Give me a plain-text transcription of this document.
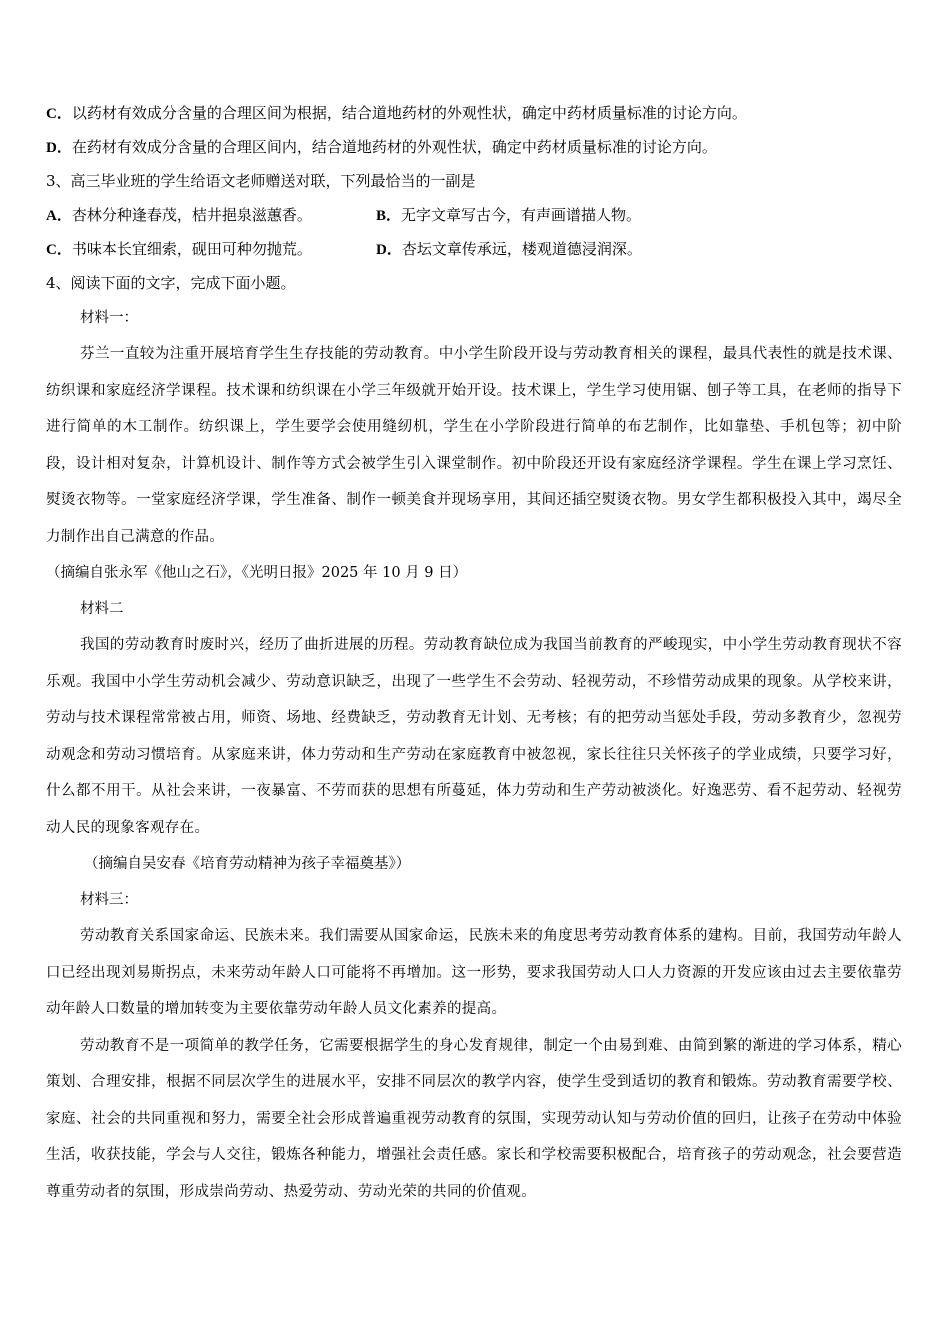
C．以药材有效成分含量的合理区间为根据，结合道地药材的外观性状，确定中药材质量标准的讨论方向。
D．在药材有效成分含量的合理区间内，结合道地药材的外观性状，确定中药材质量标准的讨论方向。
3、高三毕业班的学生给语文老师赠送对联，下列最恰当的一副是
A．杏林分种逢春茂，桔井挹泉滋蕙香。	B．无字文章写古今，有声画谱描人物。
C．书味本长宜细索，砚田可种勿抛荒。	D．杏坛文章传承远，楼观道德浸润深。
4、阅读下面的文字，完成下面小题。
材料一：

芬兰一直较为注重开展培育学生生存技能的劳动教育。中小学生阶段开设与劳动教育相关的课程，最具代表性的就是技术课、纺织课和家庭经济学课程。技术课和纺织课在小学三年级就开始开设。技术课上，学生学习使用锯、刨子等工具，在老师的指导下进行简单的木工制作。纺织课上，学生要学会使用缝纫机，学生在小学阶段进行简单的布艺制作，比如靠垫、手机包等；初中阶段，设计相对复杂，计算机设计、制作等方式会被学生引入课堂制作。初中阶段还开设有家庭经济学课程。学生在课上学习烹饪、熨烫衣物等。一堂家庭经济学课，学生准备、制作一顿美食并现场享用，其间还插空熨烫衣物。男女学生都积极投入其中，竭尽全力制作出自己满意的作品。

（摘编自张永军《他山之石》，《光明日报》2025 年 10 月 9 日）
材料二

我国的劳动教育时废时兴，经历了曲折进展的历程。劳动教育缺位成为我国当前教育的严峻现实，中小学生劳动教育现状不容乐观。我国中小学生劳动机会减少、劳动意识缺乏，出现了一些学生不会劳动、轻视劳动，不珍惜劳动成果的现象。从学校来讲，劳动与技术课程常常被占用，师资、场地、经费缺乏，劳动教育无计划、无考核；有的把劳动当惩处手段，劳动多教育少，忽视劳动观念和劳动习惯培育。从家庭来讲，体力劳动和生产劳动在家庭教育中被忽视，家长往往只关怀孩子的学业成绩，只要学习好，什么都不用干。从社会来讲，一夜暴富、不劳而获的思想有所蔓延，体力劳动和生产劳动被淡化。好逸恶劳、看不起劳动、轻视劳动人民的现象客观存在。

（摘编自吴安春《培育劳动精神为孩子幸福奠基》）
材料三：

劳动教育关系国家命运、民族未来。我们需要从国家命运，民族未来的角度思考劳动教育体系的建构。目前，我国劳动年龄人口已经出现刘易斯拐点，未来劳动年龄人口可能将不再增加。这一形势，要求我国劳动人口人力资源的开发应该由过去主要依靠劳动年龄人口数量的增加转变为主要依靠劳动年龄人员文化素养的提高。

劳动教育不是一项简单的教学任务，它需要根据学生的身心发育规律，制定一个由易到难、由简到繁的渐进的学习体系，精心策划、合理安排，根据不同层次学生的进展水平，安排不同层次的教学内容，使学生受到适切的教育和锻炼。劳动教育需要学校、家庭、社会的共同重视和努力，需要全社会形成普遍重视劳动教育的氛围，实现劳动认知与劳动价值的回归，让孩子在劳动中体验生活，收获技能，学会与人交往，锻炼各种能力，增强社会责任感。家长和学校需要积极配合，培育孩子的劳动观念，社会要营造尊重劳动者的氛围，形成崇尚劳动、热爱劳动、劳动光荣的共同的价值观。
